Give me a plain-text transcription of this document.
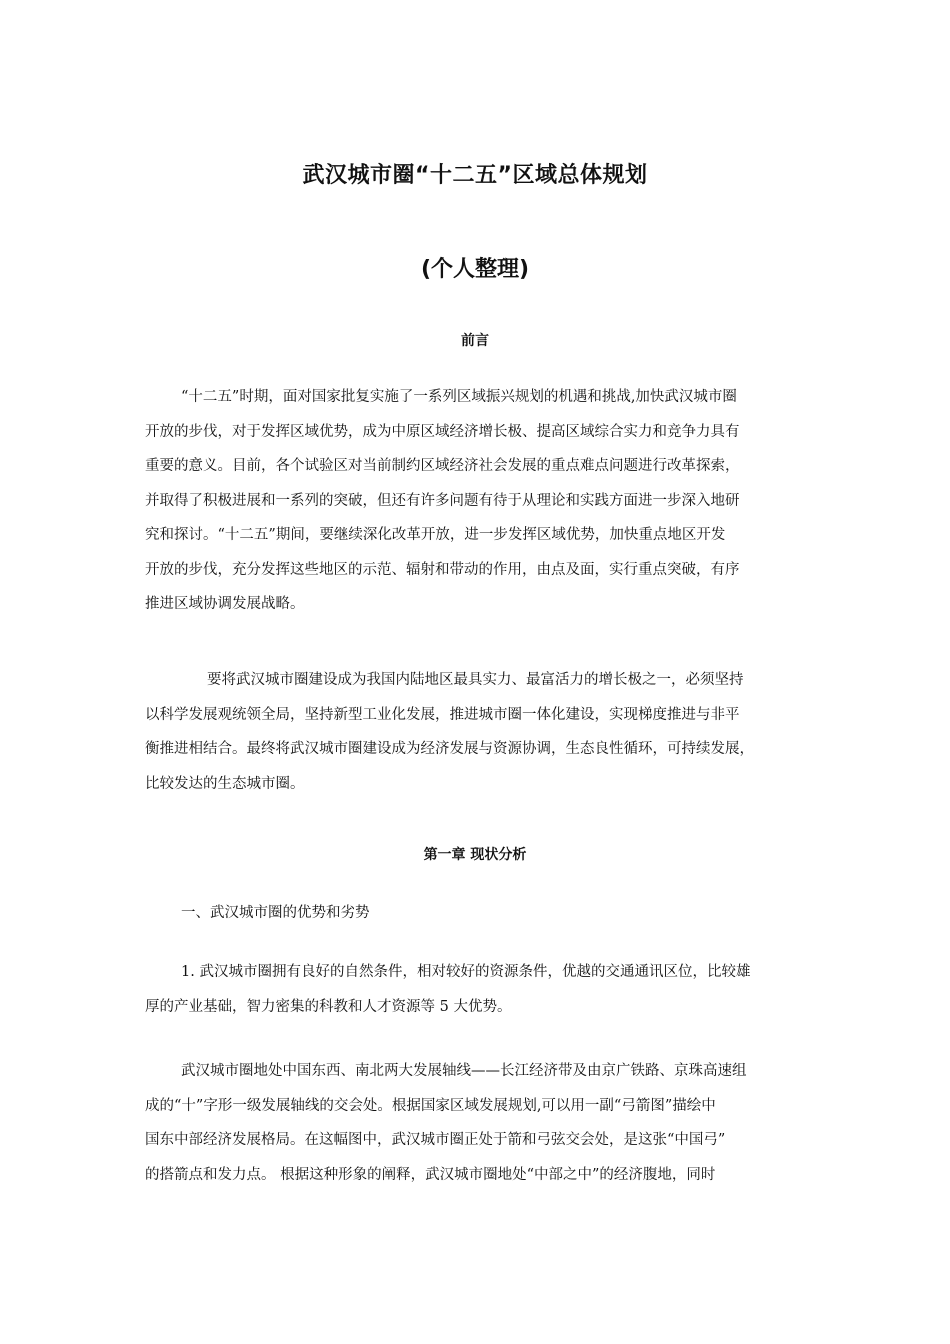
武汉城市圈“十二五”区域总体规划
(个人整理)
前言
“十二五”时期，面对国家批复实施了一系列区域振兴规划的机遇和挑战,加快武汉城市圈
开放的步伐，对于发挥区域优势，成为中原区域经济增长极、提高区域综合实力和竞争力具有
重要的意义。目前，各个试验区对当前制约区域经济社会发展的重点难点问题进行改革探索，
并取得了积极进展和一系列的突破，但还有许多问题有待于从理论和实践方面进一步深入地研
究和探讨。“十二五”期间，要继续深化改革开放，进一步发挥区域优势，加快重点地区开发
开放的步伐，充分发挥这些地区的示范、辐射和带动的作用，由点及面，实行重点突破，有序
推进区域协调发展战略。
要将武汉城市圈建设成为我国内陆地区最具实力、最富活力的增长极之一，必须坚持
以科学发展观统领全局，坚持新型工业化发展，推进城市圈一体化建设，实现梯度推进与非平
衡推进相结合。最终将武汉城市圈建设成为经济发展与资源协调，生态良性循环，可持续发展，
比较发达的生态城市圈。
第一章 现状分析
一、武汉城市圈的优势和劣势
1. 武汉城市圈拥有良好的自然条件，相对较好的资源条件，优越的交通通讯区位，比较雄
厚的产业基础，智力密集的科教和人才资源等 5 大优势。
武汉城市圈地处中国东西、南北两大发展轴线——长江经济带及由京广铁路、京珠高速组
成的“十”字形一级发展轴线的交会处。根据国家区域发展规划,可以用一副“弓箭图”描绘中
国东中部经济发展格局。在这幅图中，武汉城市圈正处于箭和弓弦交会处，是这张“中国弓”
的搭箭点和发力点。 根据这种形象的阐释，武汉城市圈地处“中部之中”的经济腹地，同时
